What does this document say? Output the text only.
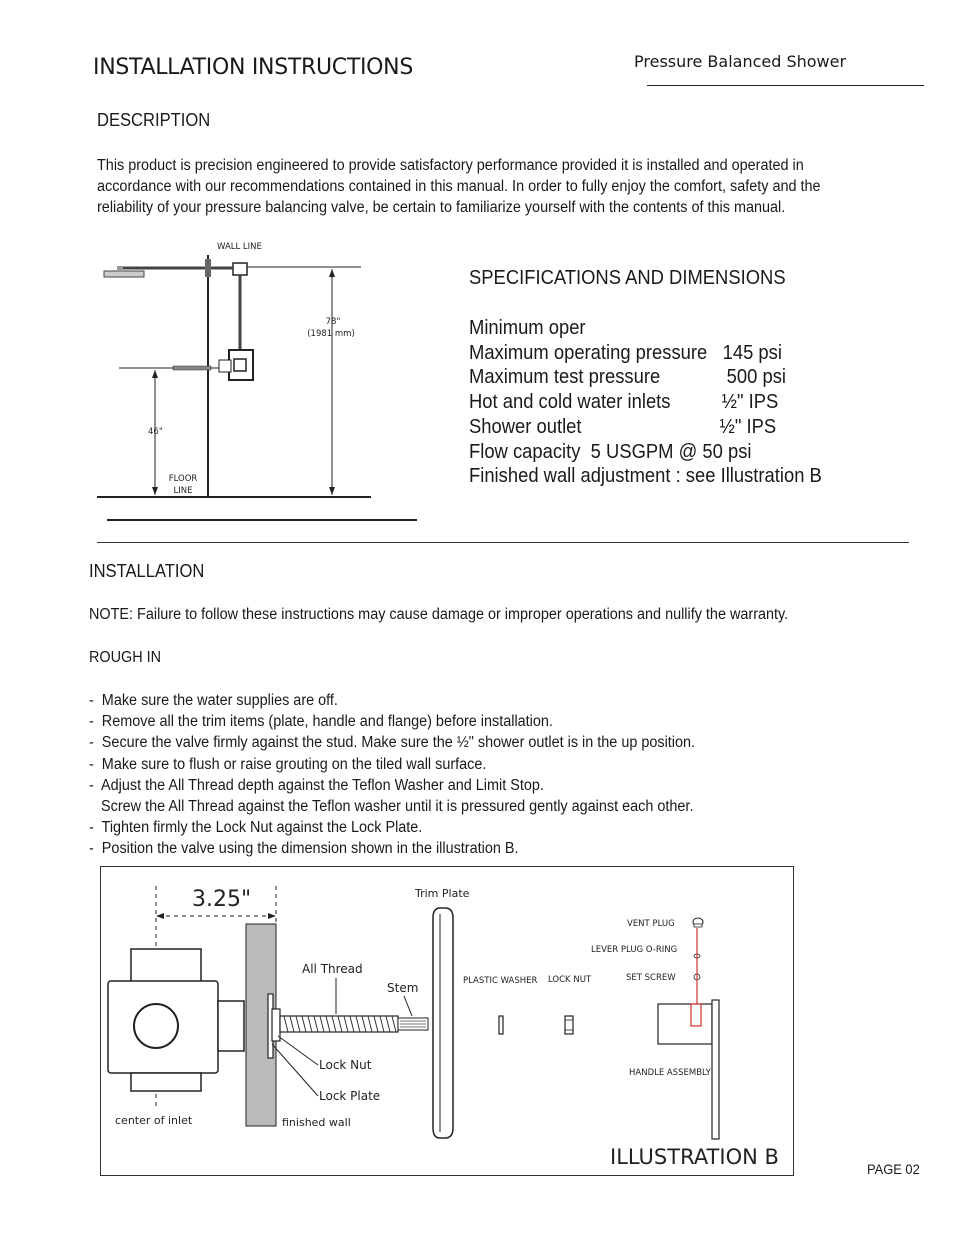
INSTALLATION INSTRUCTIONS	Pressure Balanced Shower
DESCRIPTION
This product is precision engineered to provide satisfactory performance provided it is installed and operated in accordance with our recommendations contained in this manual. In order to fully enjoy the comfort, safety and the reliability of your pressure balancing valve, be certain to familiarize yourself with the contents of this manual.
WALL LINE
78"
(1981 mm)
46"
FLOOR
LINE
SPECIFICATIONS AND DIMENSIONS
Minimum oper
Maximum operating pressure 145 psi
Maximum test pressure 500 psi
Hot and cold water inlets ½" IPS
Shower outlet ½" IPS
Flow capacity  5 USGPM @ 50 psi
Finished wall adjustment : see Illustration B
INSTALLATION
NOTE: Failure to follow these instructions may cause damage or improper operations and nullify the warranty.
ROUGH IN
-  Make sure the water supplies are off.
-  Remove all the trim items (plate, handle and flange) before installation.
-  Secure the valve firmly against the stud. Make sure the ½" shower outlet is in the up position.
-  Make sure to flush or raise grouting on the tiled wall surface.
-  Adjust the All Thread depth against the Teflon Washer and Limit Stop.
Screw the All Thread against the Teflon washer until it is pressured gently against each other.
-  Tighten firmly the Lock Nut against the Lock Plate.
-  Position the valve using the dimension shown in the illustration B.
3.25"
All Thread
Stem
Lock Nut
Lock Plate
center of inlet	finished wall
Trim Plate
PLASTIC WASHER LOCK NUT
VENT PLUG
LEVER PLUG O-RING
SET SCREW
HANDLE ASSEMBLY
ILLUSTRATION B	PAGE 02
